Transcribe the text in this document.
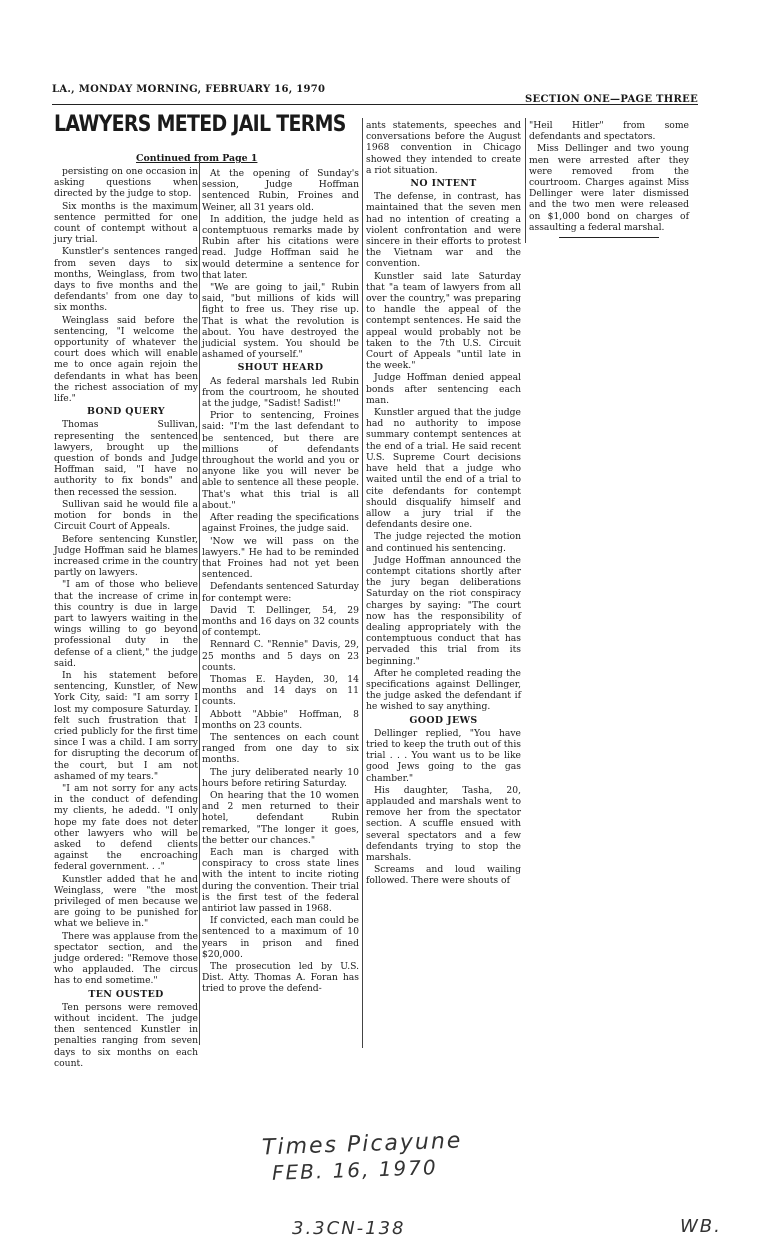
LA., MONDAY MORNING, FEBRUARY 16, 1970
SECTION ONE—PAGE THREE
LAWYERS METED JAIL TERMS
Continued from Page 1

persisting on one occasion in asking questions when directed by the judge to stop.

Six months is the maximum sentence permitted for one count of contempt without a jury trial.

Kunstler's sentences ranged from seven days to six months, Weinglass, from two days to five months and the defendants' from one day to six months.

Weinglass said before the sentencing, "I welcome the opportunity of whatever the court does which will enable me to once again rejoin the defendants in what has been the richest association of my life."

BOND QUERY

Thomas Sullivan, representing the sentenced lawyers, brought up the question of bonds and Judge Hoffman said, "I have no authority to fix bonds" and then recessed the session.

Sullivan said he would file a motion for bonds in the Circuit Court of Appeals.

Before sentencing Kunstler, Judge Hoffman said he blames increased crime in the country partly on lawyers.

"I am of those who believe that the increase of crime in this country is due in large part to lawyers waiting in the wings willing to go beyond professional duty in the defense of a client," the judge said.

In his statement before sentencing, Kunstler, of New York City, said: "I am sorry I lost my composure Saturday. I felt such frustration that I cried publicly for the first time since I was a child. I am sorry for disrupting the decorum of the court, but I am not ashamed of my tears."

"I am not sorry for any acts in the conduct of defending my clients, he adedd. "I only hope my fate does not deter other lawyers who will be asked to defend clients against the encroaching federal government. . ."

Kunstler added that he and Weinglass, were "the most privileged of men because we are going to be punished for what we believe in."

There was applause from the spectator section, and the judge ordered: "Remove those who applauded. The circus has to end sometime."

TEN OUSTED

Ten persons were removed without incident. The judge then sentenced Kunstler in penalties ranging from seven days to six months on each count.

At the opening of Sunday's session, Judge Hoffman sentenced Rubin, Froines and Weiner, all 31 years old.

In addition, the judge held as contemptuous remarks made by Rubin after his citations were read. Judge Hoffman said he would determine a sentence for that later.

"We are going to jail," Rubin said, "but millions of kids will fight to free us. They rise up. That is what the revolution is about. You have destroyed the judicial system. You should be ashamed of yourself."

SHOUT HEARD

As federal marshals led Rubin from the courtroom, he shouted at the judge, "Sadist! Sadist!"

Prior to sentencing, Froines said: "I'm the last defendant to be sentenced, but there are millions of defendants throughout the world and you or anyone like you will never be able to sentence all these people. That's what this trial is all about."

After reading the specifications against Froines, the judge said.

'Now we will pass on the lawyers." He had to be reminded that Froines had not yet been sentenced.

Defendants sentenced Saturday for contempt were:

David T. Dellinger, 54, 29 months and 16 days on 32 counts of contempt.

Rennard C. "Rennie" Davis, 29, 25 months and 5 days on 23 counts.

Thomas E. Hayden, 30, 14 months and 14 days on 11 counts.

Abbott "Abbie" Hoffman, 8 months on 23 counts.

The sentences on each count ranged from one day to six months.

The jury deliberated nearly 10 hours before retiring Saturday.

On hearing that the 10 women and 2 men returned to their hotel, defendant Rubin remarked, "The longer it goes, the better our chances."

Each man is charged with conspiracy to cross state lines with the intent to incite rioting during the convention. Their trial is the first test of the federal antiriot law passed in 1968.

If convicted, each man could be sentenced to a maximum of 10 years in prison and fined $20,000.

The prosecution led by U.S. Dist. Atty. Thomas A. Foran has tried to prove the defend-

ants statements, speeches and conversations before the August 1968 convention in Chicago showed they intended to create a riot situation.

NO INTENT

The defense, in contrast, has maintained that the seven men had no intention of creating a violent confrontation and were sincere in their efforts to protest the Vietnam war and the convention.

Kunstler said late Saturday that "a team of lawyers from all over the country," was preparing to handle the appeal of the contempt sentences. He said the appeal would probably not be taken to the 7th U.S. Circuit Court of Appeals "until late in the week."

Judge Hoffman denied appeal bonds after sentencing each man.

Kunstler argued that the judge had no authority to impose summary contempt sentences at the end of a trial. He said recent U.S. Supreme Court decisions have held that a judge who waited until the end of a trial to cite defendants for contempt should disqualify himself and allow a jury trial if the defendants desire one.

The judge rejected the motion and continued his sentencing.

Judge Hoffman announced the contempt citations shortly after the jury began deliberations Saturday on the riot conspiracy charges by saying: "The court now has the responsibility of dealing appropriately with the contemptuous conduct that has pervaded this trial from its beginning."

After he completed reading the specifications against Dellinger, the judge asked the defendant if he wished to say anything.

GOOD JEWS

Dellinger replied, "You have tried to keep the truth out of this trial . . . You want us to be like good Jews going to the gas chamber."

His daughter, Tasha, 20, applauded and marshals went to remove her from the spectator section. A scuffle ensued with several spectators and a few defendants trying to stop the marshals.

Screams and loud wailing followed. There were shouts of

"Heil Hitler" from some defendants and spectators.

Miss Dellinger and two young men were arrested after they were removed from the courtroom. Charges against Miss Dellinger were later dismissed and the two men were released on $1,000 bond on charges of assaulting a federal marshal.

Times Picayune
FEB. 16, 1970
3.3CN-138	WB.
